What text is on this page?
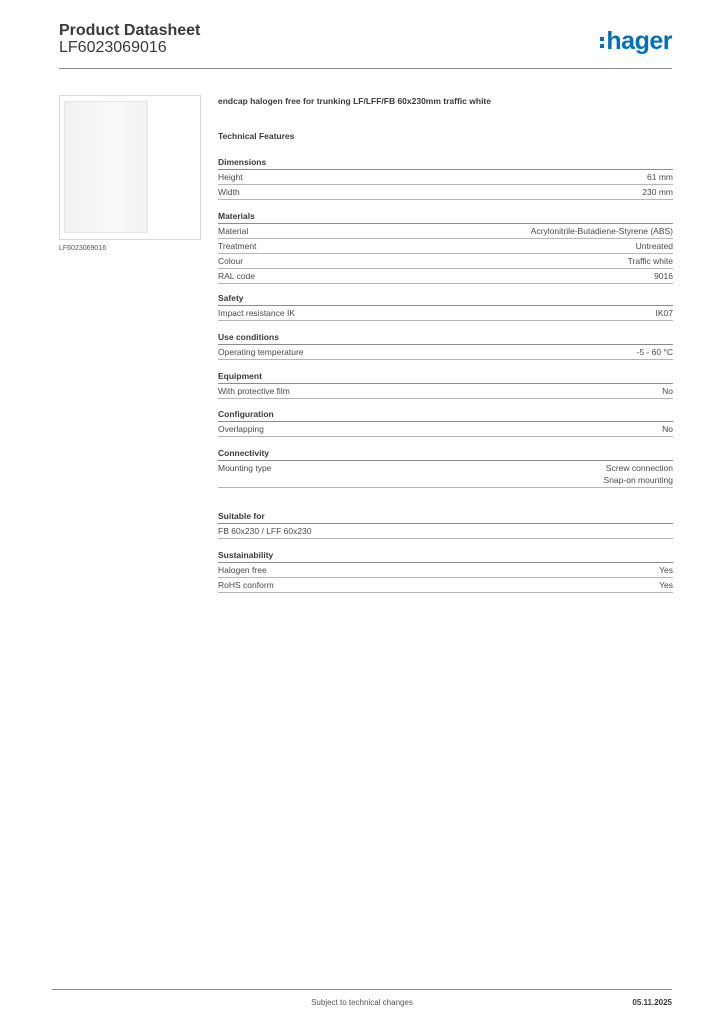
Product Datasheet
LF6023069016	hager
LF6023069016
endcap halogen free for trunking LF/LFF/FB 60x230mm traffic white
Technical Features
Dimensions
Height	61 mm
Width	230 mm
Materials
Material	Acrylonitrile-Butadiene-Styrene (ABS)
Treatment	Untreated
Colour	Traffic white
RAL code	9016
Safety
Impact resistance IK	IK07
Use conditions
Operating temperature	-5 - 60 °C
Equipment
With protective film	No
Configuration
Overlapping	No
Connectivity
Mounting type	Screw connection
Snap-on mounting
Suitable for
FB 60x230 / LFF 60x230
Sustainability
Halogen free	Yes
RoHS conform	Yes
Subject to technical changes	05.11.2025
